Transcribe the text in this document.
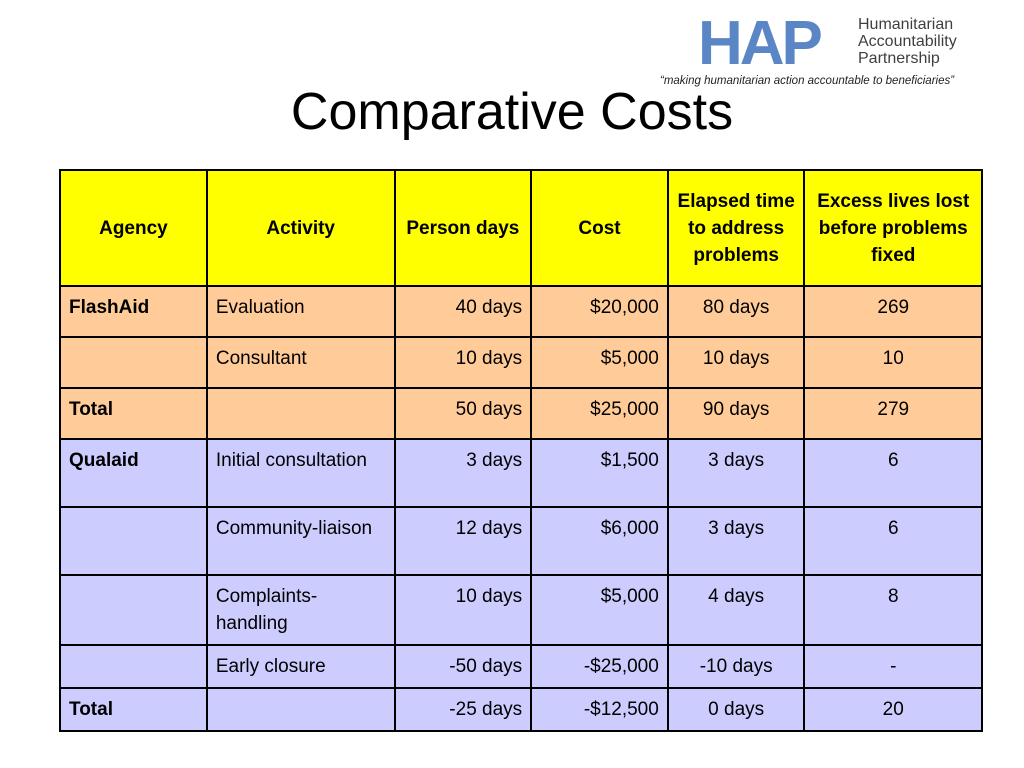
HAP Humanitarian
Accountability
Partnership
“making humanitarian action accountable to beneficiaries”
Comparative Costs
Agency	Activity	Person days	Cost	Elapsed time to address problems	Excess lives lost before problems fixed
FlashAid	Evaluation	40 days	$20,000	80 days	269
	Consultant	10 days	$5,000	10 days	10
Total		50 days	$25,000	90 days	279
Qualaid	Initial consultation	3 days	$1,500	3 days	6
	Community-liaison	12 days	$6,000	3 days	6
	Complaints-handling	10 days	$5,000	4 days	8
	Early closure	-50 days	-$25,000	-10 days	-
Total		-25 days	-$12,500	0 days	20
